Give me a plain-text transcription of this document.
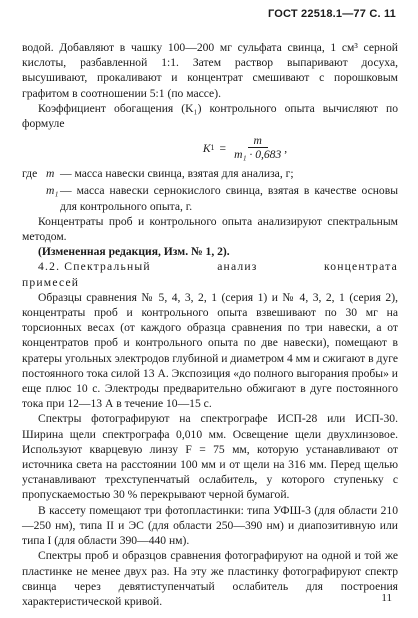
ГОСТ 22518.1—77 С. 11

водой. Добавляют в чашку 100—200 мг сульфата свинца, 1 см³ серной кислоты, разбавленной 1:1. Затем раствор выпаривают досуха, высушивают, прокаливают и концентрат смешивают с порошковым графитом в соотношении 5:1 (по массе).

Коэффициент обогащения (K₁) контрольного опыта вычисляют по формуле

K $1 = \frac{m}{\text{m₁ · 0,683}}$ ,
где m — масса навески свинца, взятая для анализа, г;
m₁ — масса навески сернокислого свинца, взятая в качестве основы для контрольного опыта, г.

Концентраты проб и контрольного опыта анализируют спектральным методом.

(Измененная редакция, Изм. № 1, 2).

4.2. Спектральный	анализ	концентрата

примесей

Образцы сравнения № 5, 4, 3, 2, 1 (серия 1) и № 4, 3, 2, 1 (серия 2), концентраты проб и контрольного опыта взвешивают по 30 мг на торсионных весах (от каждого образца сравнения по три навески, а от концентратов проб и контрольного опыта по две навески), помещают в кратеры угольных электродов глубиной и диаметром 4 мм и сжигают в дуге постоянного тока силой 13 А. Экспозиция «до полного выгорания пробы» и еще плюс 10 с. Электроды предварительно обжигают в дуге постоянного тока при 12—13 А в течение 10—15 с.

Спектры фотографируют на спектрографе ИСП-28 или ИСП-30. Ширина щели спектрографа 0,010 мм. Освещение щели двухлинзовое. Используют кварцевую линзу F = 75 мм, которую устанавливают от источника света на расстоянии 100 мм и от щели на 316 мм. Перед щелью устанавливают трехступенчатый ослабитель, у которого ступеньку с пропускаемостью 30 % перекрывают черной бумагой.

В кассету помещают три фотопластинки: типа УФШ-3 (для области 210—250 нм), типа II и ЭС (для области 250—390 нм) и диапозитивную или типа I (для области 390—440 нм).

Спектры проб и образцов сравнения фотографируют на одной и той же пластинке не менее двух раз. На эту же пластинку фотографируют спектр свинца через девятиступенчатый ослабитель для построения характеристической кривой.	11
